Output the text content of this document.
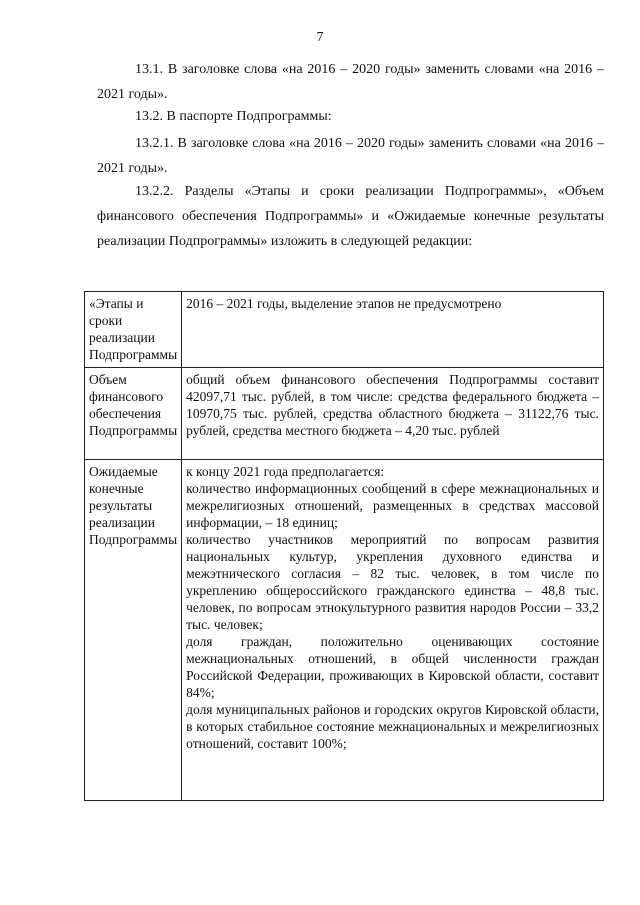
7
13.1. В заголовке слова «на 2016 – 2020 годы» заменить словами «на 2016 – 2021 годы».
13.2. В паспорте Подпрограммы:
13.2.1. В заголовке слова «на 2016 – 2020 годы» заменить словами «на 2016 – 2021 годы».
13.2.2. Разделы «Этапы и сроки реализации Подпрограммы», «Объем финансового обеспечения Подпрограммы» и «Ожидаемые конечные результаты реализации Подпрограммы» изложить в следующей редакции:
«Этапы и сроки реализации Подпрограммы	2016 – 2021 годы, выделение этапов не предусмотрено
Объем финансового обеспечения Подпрограммы	общий объем финансового обеспечения Подпрограммы составит 42097,71 тыс. рублей, в том числе: средства федерального бюджета – 10970,75 тыс. рублей, средства областного бюджета – 31122,76 тыс. рублей, средства местного бюджета – 4,20 тыс. рублей
Ожидаемые конечные результаты реализации Подпрограммы	к концу 2021 года предполагается:
количество информационных сообщений в сфере межнациональных и межрелигиозных отношений, размещенных в средствах массовой информации, – 18 единиц;
количество участников мероприятий по вопросам развития национальных культур, укрепления духовного единства и межэтнического согласия – 82 тыс. человек, в том числе по укреплению общероссийского гражданского единства – 48,8 тыс. человек, по вопросам этнокультурного развития народов России – 33,2 тыс. человек;
доля граждан, положительно оценивающих состояние межнациональных отношений, в общей численности граждан Российской Федерации, проживающих в Кировской области, составит 84%;
доля муниципальных районов и городских округов Кировской области, в которых стабильное состояние межнациональных и межрелигиозных отношений, составит 100%;
